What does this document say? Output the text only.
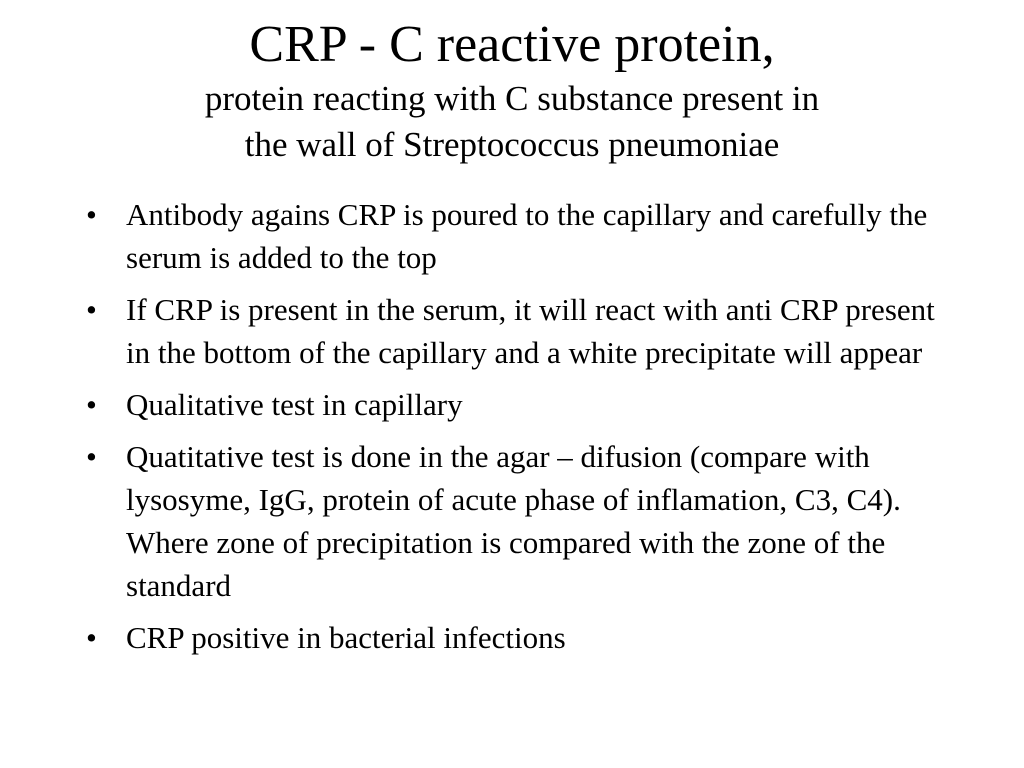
CRP - C reactive protein,

protein reacting with C substance present in

the wall of Streptococcus pneumoniae

• Antibody agains CRP is poured to the capillary and carefully the serum is added to the top
• If CRP is present in the serum, it will react with anti CRP present in the bottom of the capillary and a white precipitate will appear
• Qualitative test in capillary
• Quatitative test is done in the agar – difusion (compare with lysosyme, IgG, protein of acute phase of inflamation, C3, C4). Where zone of precipitation is compared with the zone of the standard
• CRP positive in bacterial infections
